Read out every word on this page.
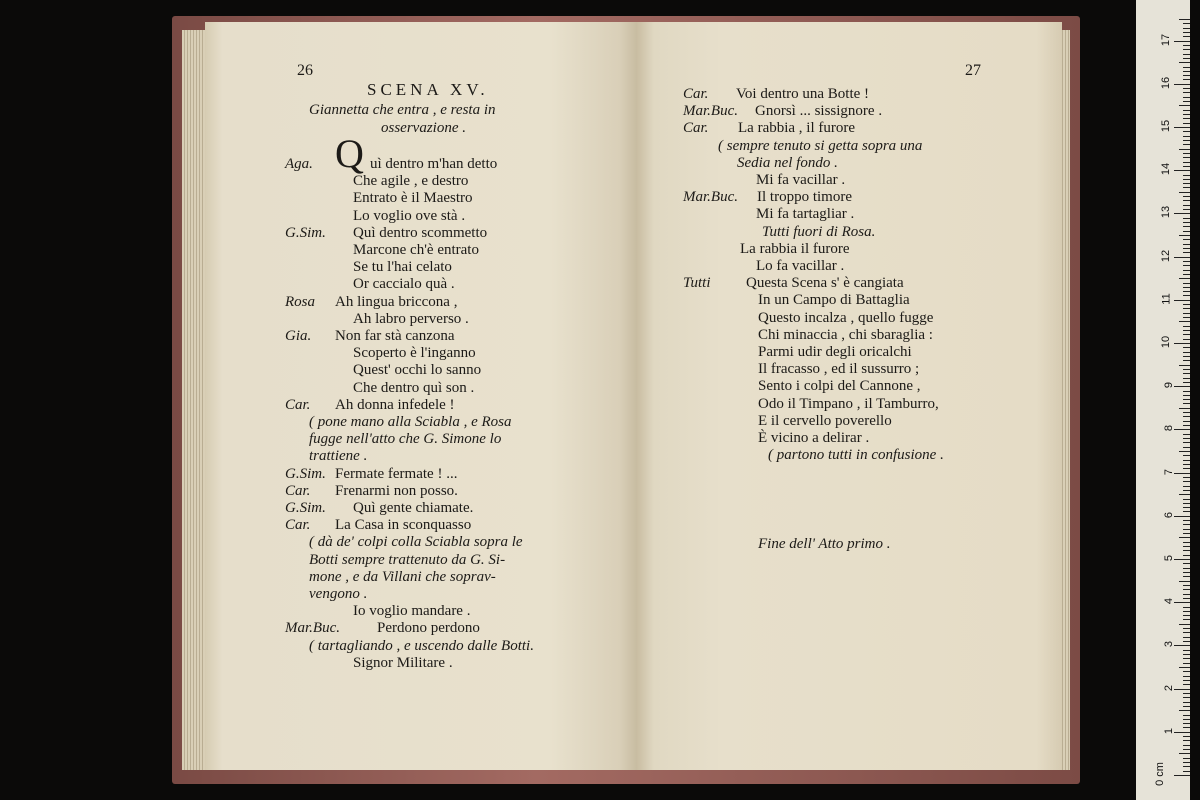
26
SCENA XV.
Giannetta che entra , e resta in
osservazione .
Q
Aga.	uì dentro m'han detto
Che agile , e destro
Entrato è il Maestro
Lo voglio ove stà .
G.Sim. Quì dentro scommetto
Marcone ch'è entrato
Se tu l'hai celato
Or caccialo quà .
Rosa Ah lingua briccona ,
Ah labro perverso .
Gia. Non far stà canzona
Scoperto è l'inganno
Quest' occhi lo sanno
Che dentro quì son .
Car. Ah donna infedele !
( pone mano alla Sciabla , e Rosa
fugge nell'atto che G. Simone lo
trattiene .
G.Sim. Fermate fermate ! ...
Car. Frenarmi non posso.
G.Sim. Quì gente chiamate.
Car. La Casa in sconquasso
( dà de' colpi colla Sciabla sopra le
Botti sempre trattenuto da G. Si-
mone , e da Villani che soprav-
vengono .
Io voglio mandare .
Mar.Buc. Perdono perdono
( tartagliando , e uscendo dalle Botti.
Signor Militare .
27
Car. Voi dentro una Botte !
Mar.Buc. Gnorsì ... sissignore .
Car. La rabbia , il furore
( sempre tenuto si getta sopra una
Sedia nel fondo .
Mi fa vacillar .
Mar.Buc. Il troppo timore
Mi fa tartagliar .
Tutti fuori di Rosa.
La rabbia il furore
Lo fa vacillar .
Tutti Questa Scena s' è cangiata
In un Campo di Battaglia
Questo incalza , quello fugge
Chi minaccia , chi sbaraglia :
Parmi udir degli oricalchi
Il fracasso , ed il sussurro ;
Sento i colpi del Cannone ,
Odo il Timpano , il Tamburro,
E il cervello poverello
È vicino a delirar .
( partono tutti in confusione .
Fine dell' Atto primo .
0 cm
1
2
3
4
5
6
7
8
9
10
11
12
13
14
15
16
17
